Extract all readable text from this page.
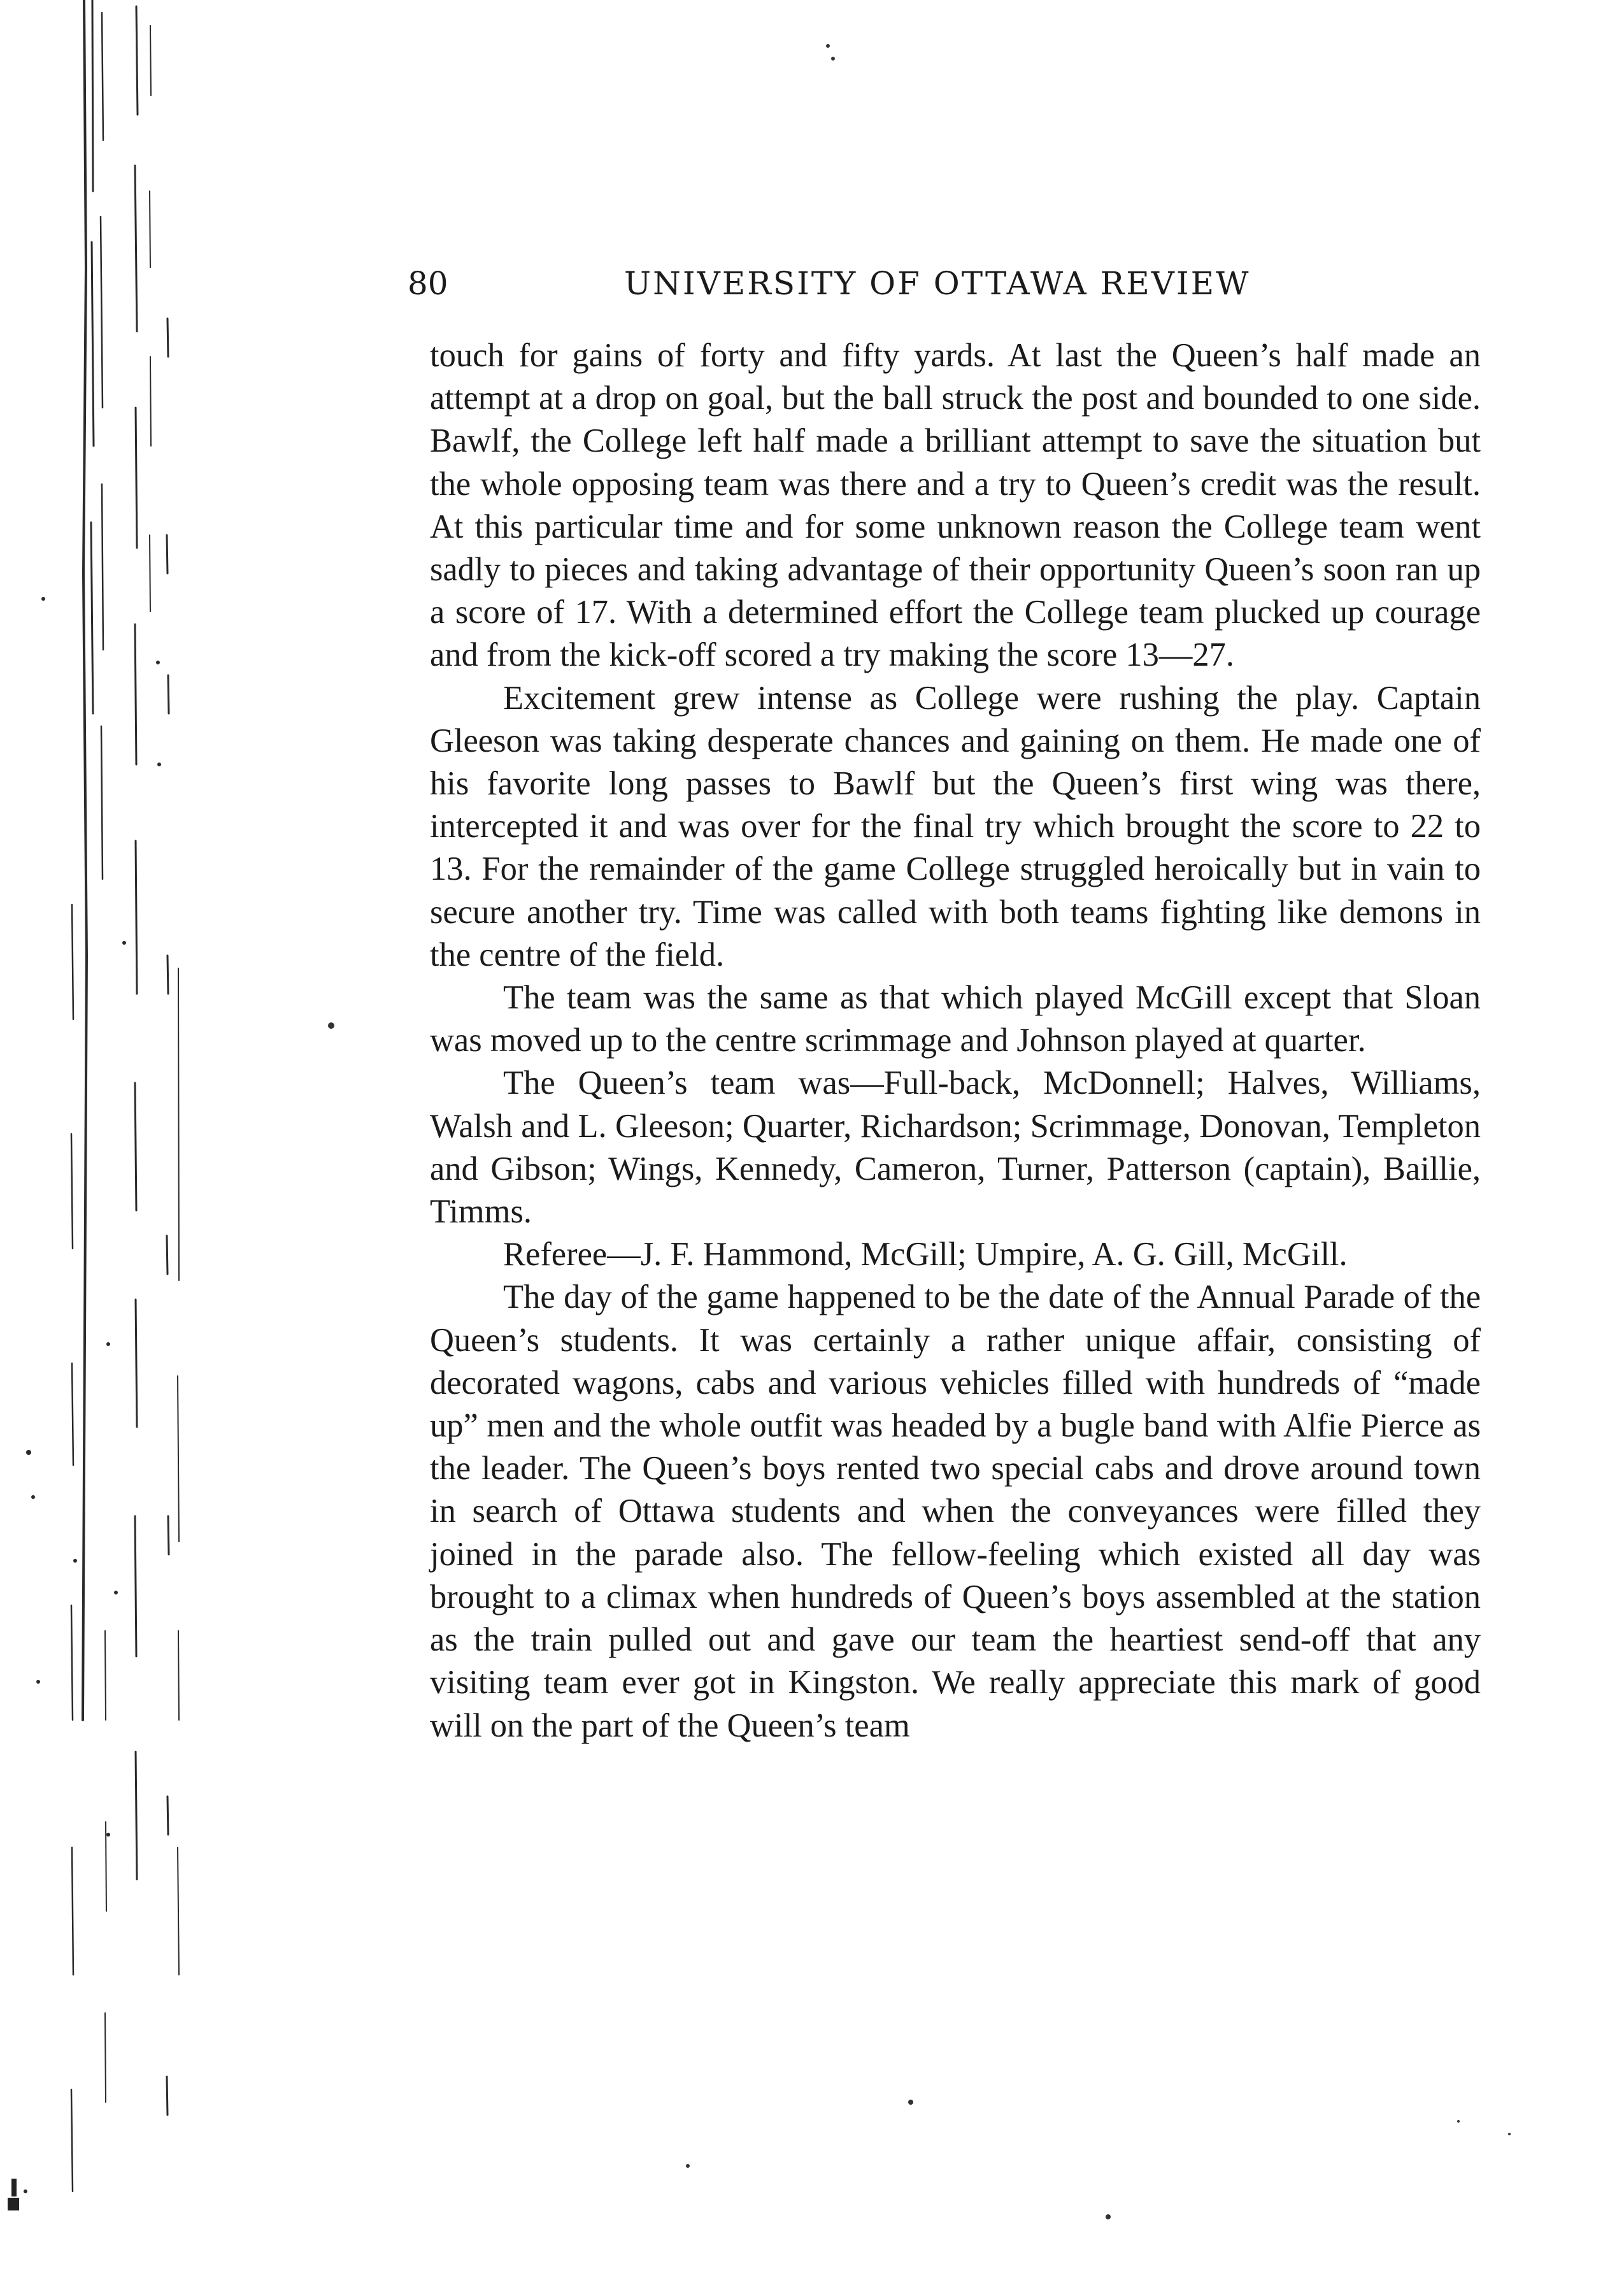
80	UNIVERSITY OF OTTAWA REVIEW

touch for gains of forty and fifty yards. At last the Queen’s half made an attempt at a drop on goal, but the ball struck the post and bounded to one side. Bawlf, the College left half made a brilliant attempt to save the situation but the whole opposing team was there and a try to Queen’s credit was the result. At this particular time and for some unknown reason the College team went sadly to pieces and taking advantage of their opportunity Queen’s soon ran up a score of 17. With a determined effort the College team plucked up courage and from the kick-off scored a try making the score 13—27.

Excitement grew intense as College were rushing the play. Captain Gleeson was taking desperate chances and gaining on them. He made one of his favorite long passes to Bawlf but the Queen’s first wing was there, intercepted it and was over for the final try which brought the score to 22 to 13. For the remainder of the game College struggled heroically but in vain to secure another try. Time was called with both teams fighting like demons in the centre of the field.

The team was the same as that which played McGill except that Sloan was moved up to the centre scrimmage and Johnson played at quarter.

The Queen’s team was—Full-back, McDonnell; Halves, Williams, Walsh and L. Gleeson; Quarter, Richardson; Scrimmage, Donovan, Templeton and Gibson; Wings, Kennedy, Cameron, Turner, Patterson (captain), Baillie, Timms.

Referee—J. F. Hammond, McGill; Umpire, A. G. Gill, McGill.

The day of the game happened to be the date of the Annual Parade of the Queen’s students. It was certainly a rather unique affair, consisting of decorated wagons, cabs and various vehicles filled with hundreds of “made up” men and the whole outfit was headed by a bugle band with Alfie Pierce as the leader. The Queen’s boys rented two special cabs and drove around town in search of Ottawa students and when the conveyances were filled they joined in the parade also. The fellow-feeling which existed all day was brought to a climax when hundreds of Queen’s boys assembled at the station as the train pulled out and gave our team the heartiest send-off that any visiting team ever got in Kingston. We really appreciate this mark of good will on the part of the Queen’s team
